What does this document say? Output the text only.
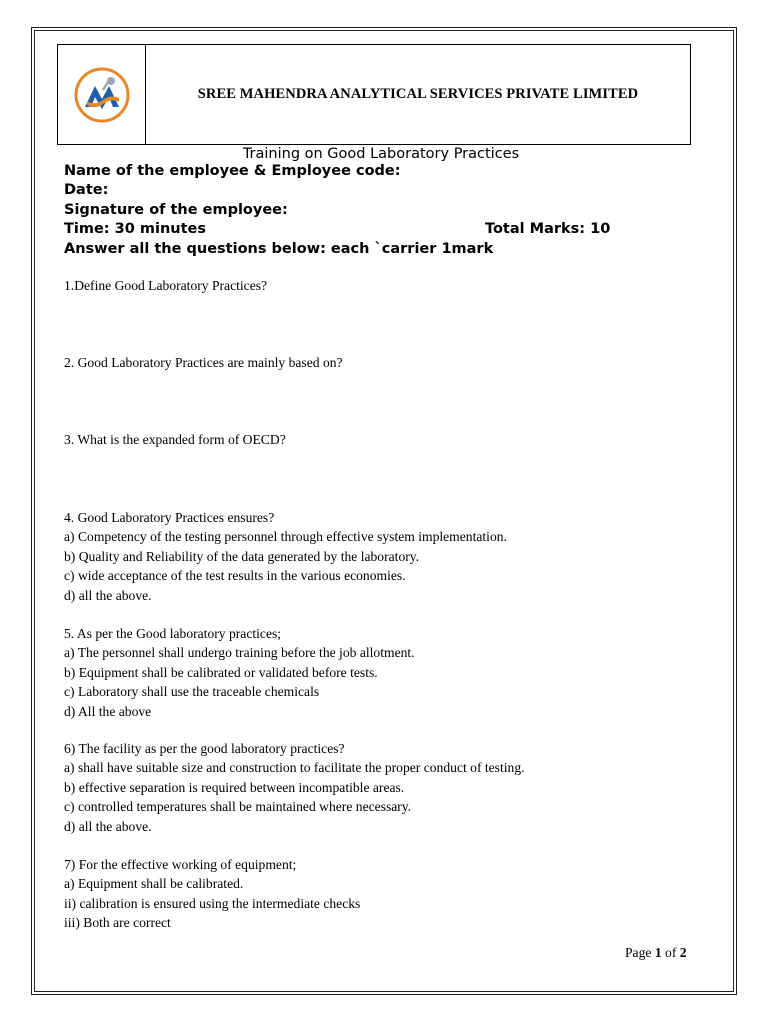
SREE MAHENDRA ANALYTICAL SERVICES PRIVATE LIMITED
Training on Good Laboratory Practices
Name of the employee & Employee code:
Date:
Signature of the employee:
Time: 30 minutes	Total Marks: 10
Answer all the questions below: each `carrier 1mark
1.Define Good Laboratory Practices?
2. Good Laboratory Practices are mainly based on?
3. What is the expanded form of OECD?
4. Good Laboratory Practices ensures?
a) Competency of the testing personnel through effective system implementation.
b) Quality and Reliability of the data generated by the laboratory.
c) wide acceptance of the test results in the various economies.
d) all the above.
5. As per the Good laboratory practices;
a) The personnel shall undergo training before the job allotment.
b) Equipment shall be calibrated or validated before tests.
c) Laboratory shall use the traceable chemicals
d) All the above
6) The facility as per the good laboratory practices?
a) shall have suitable size and construction to facilitate the proper conduct of testing.
b) effective separation is required between incompatible areas.
c) controlled temperatures shall be maintained where necessary.
d) all the above.
7) For the effective working of equipment;
a) Equipment shall be calibrated.
ii) calibration is ensured using the intermediate checks
iii) Both are correct
Page 1 of 2
